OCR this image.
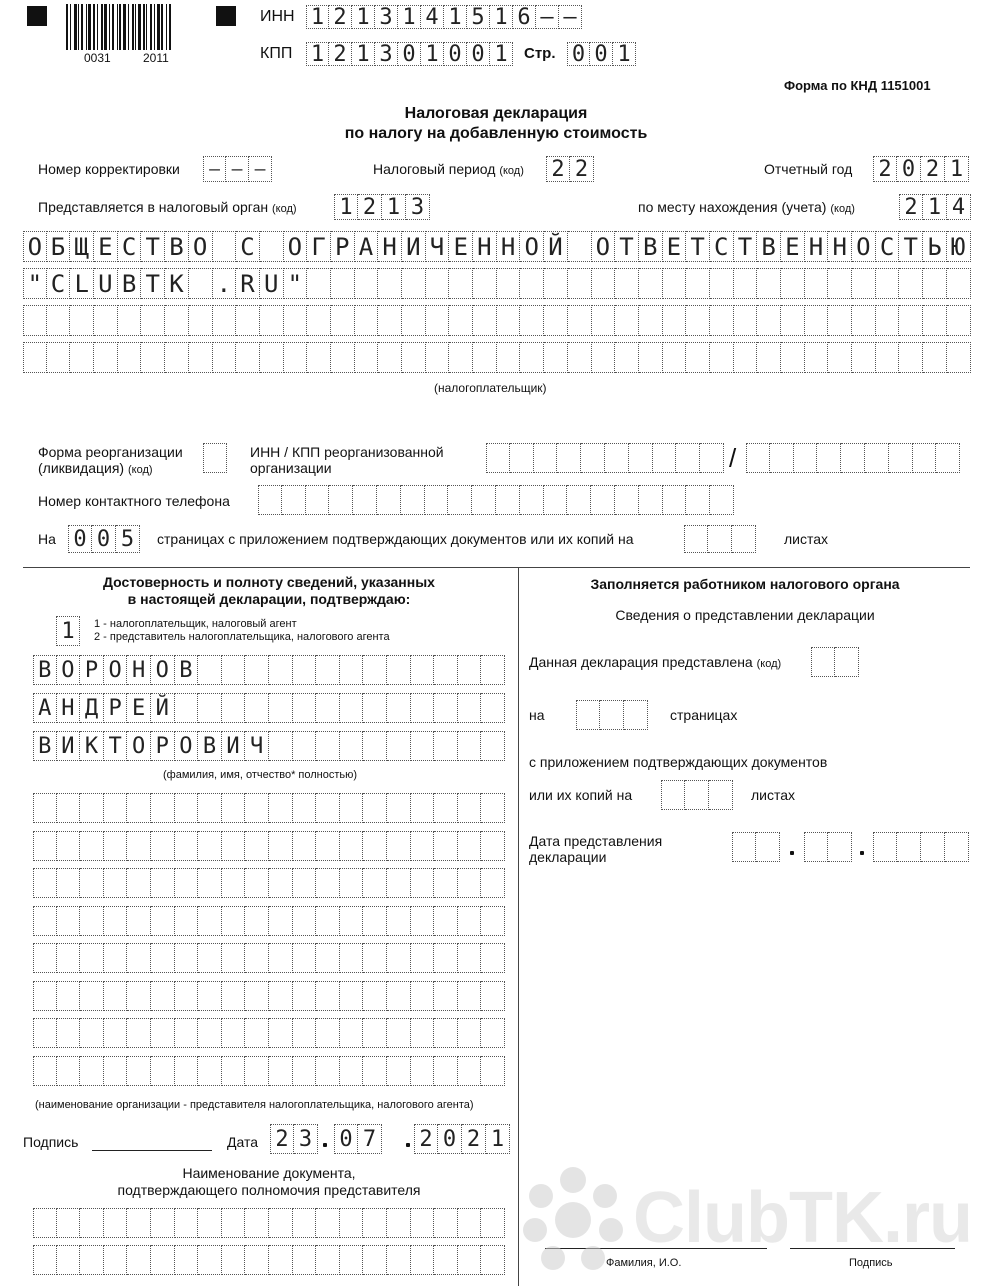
0031	2011
ИНН 1 2 1 3 1 4 1 5 1 6 – –
КПП 1 2 1 3 0 1 0 0 1	Стр. 0 0 1
Форма по КНД 1151001
Налоговая декларация
по налогу на добавленную стоимость
Номер корректировки	– – –	Налоговый период (код) 2 2	Отчетный год 2 0 2 1
Представляется в налоговый орган (код) 1 2 1 3	по месту нахождения (учета) (код) 2 1 4
О Б Щ Е С Т В О С О Г Р А Н И Ч Е Н Н О Й О Т В Е Т С Т В Е Н Н О С Т Ь Ю
" C L U B T K . R U "
(налогоплательщик)
Форма реорганизации
(ликвидация) (код)
ИНН / КПП реорганизованной
организации	/
Номер контактного телефона
На 0 0 5	страницах с приложением подтверждающих документов или их копий на	листах
Достоверность и полноту сведений, указанных
в настоящей декларации, подтверждаю:
1	1 - налогоплательщик, налоговый агент
2 - представитель налогоплательщика, налогового агента
В О Р О Н О В
А Н Д Р Е Й
В И К Т О Р О В И Ч
(фамилия, имя, отчество* полностью)
(наименование организации - представителя налогоплательщика, налогового агента)
Подпись	Дата 2 3 0 7 2 0 2 1
Наименование документа,
подтверждающего полномочия представителя
Заполняется работником налогового органа
Сведения о представлении декларации
Данная декларация представлена (код)
на	страницах
с приложением подтверждающих документов
или их копий на	листах
Дата представления
декларации
Фамилия, И.О.	Подпись
ClubTK.ru
